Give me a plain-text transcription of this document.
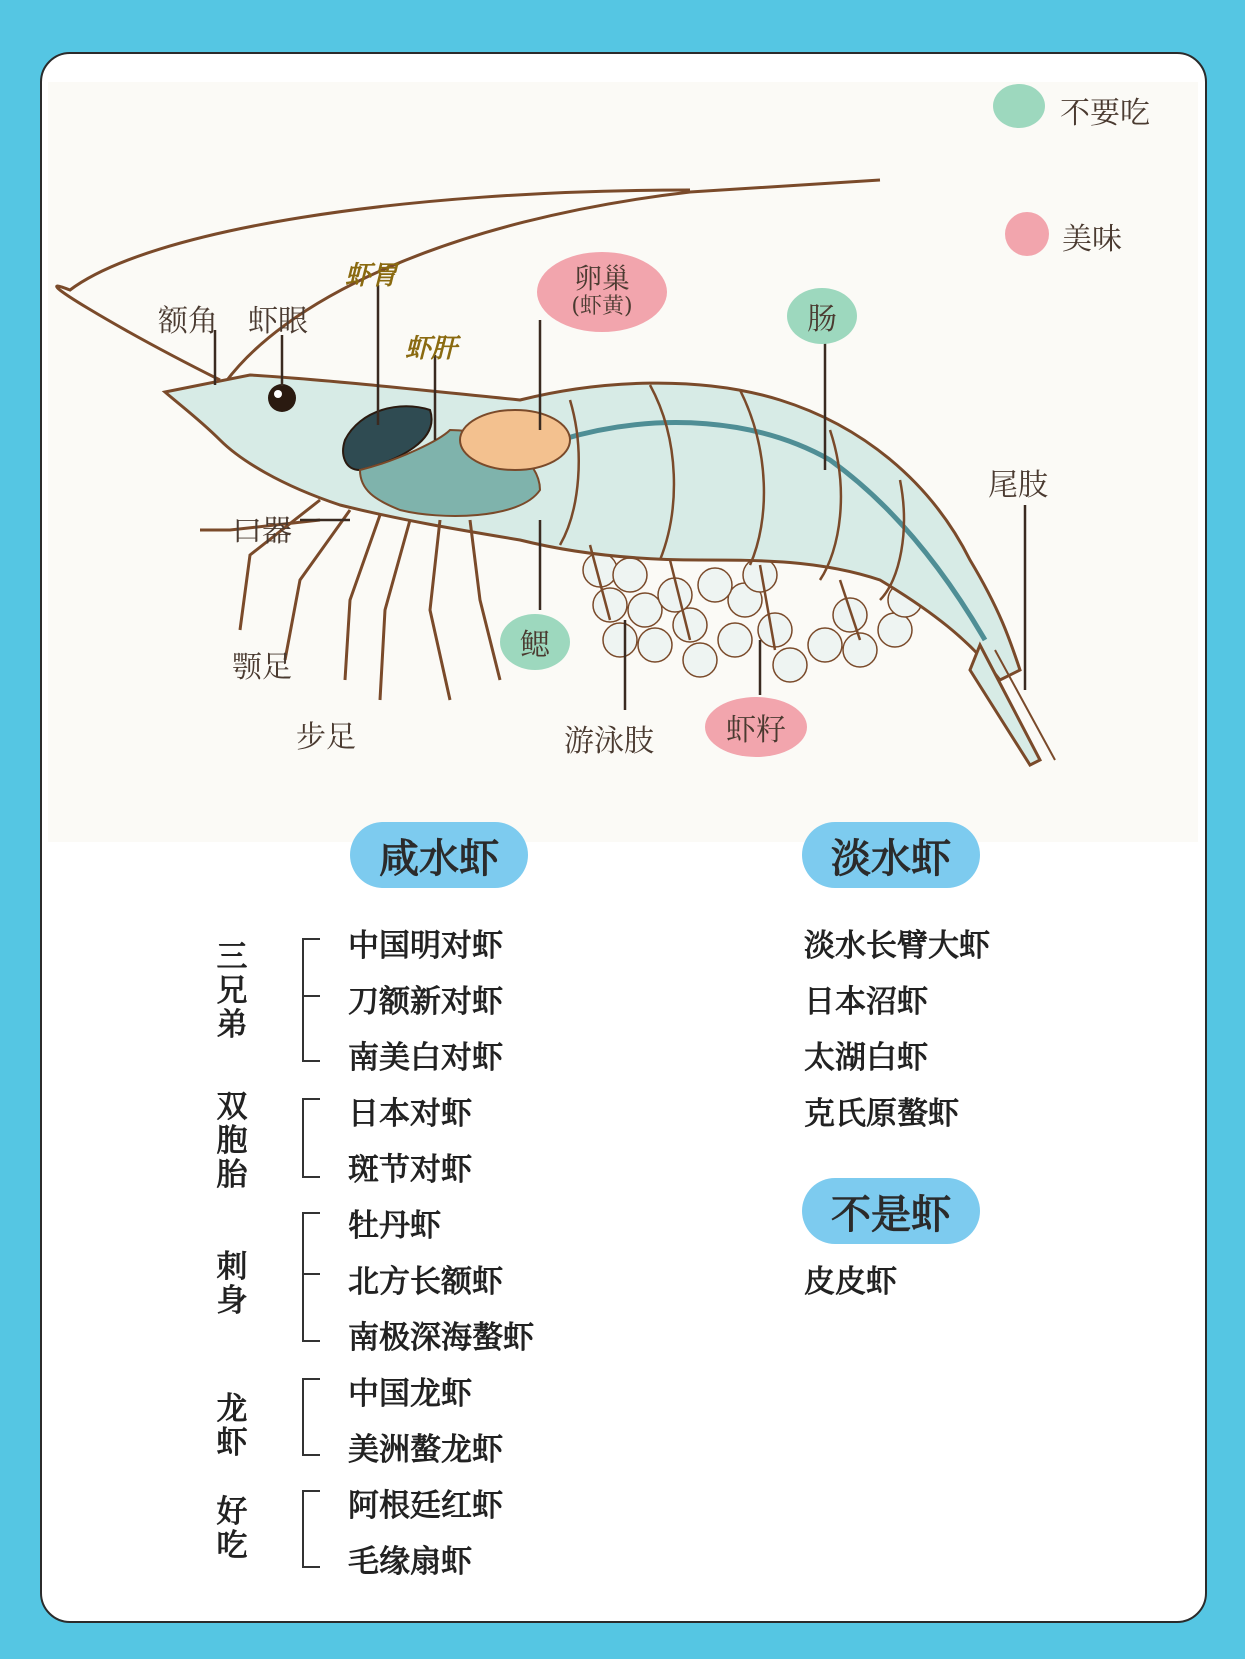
不要吃
美味
额角 虾眼
虾胃
虾肝
卵巢
(虾黄)	肠
尾肢
口器
颚足
步足
鳃
游泳肢 虾籽
咸水虾	淡水虾
三兄弟
双胞胎
刺身
龙虾
好吃
中国明对虾
刀额新对虾
南美白对虾
日本对虾
斑节对虾
牡丹虾
北方长额虾
南极深海螯虾
中国龙虾
美洲螯龙虾
阿根廷红虾
毛缘扇虾
淡水长臂大虾
日本沼虾
太湖白虾
克氏原螯虾
不是虾
皮皮虾
